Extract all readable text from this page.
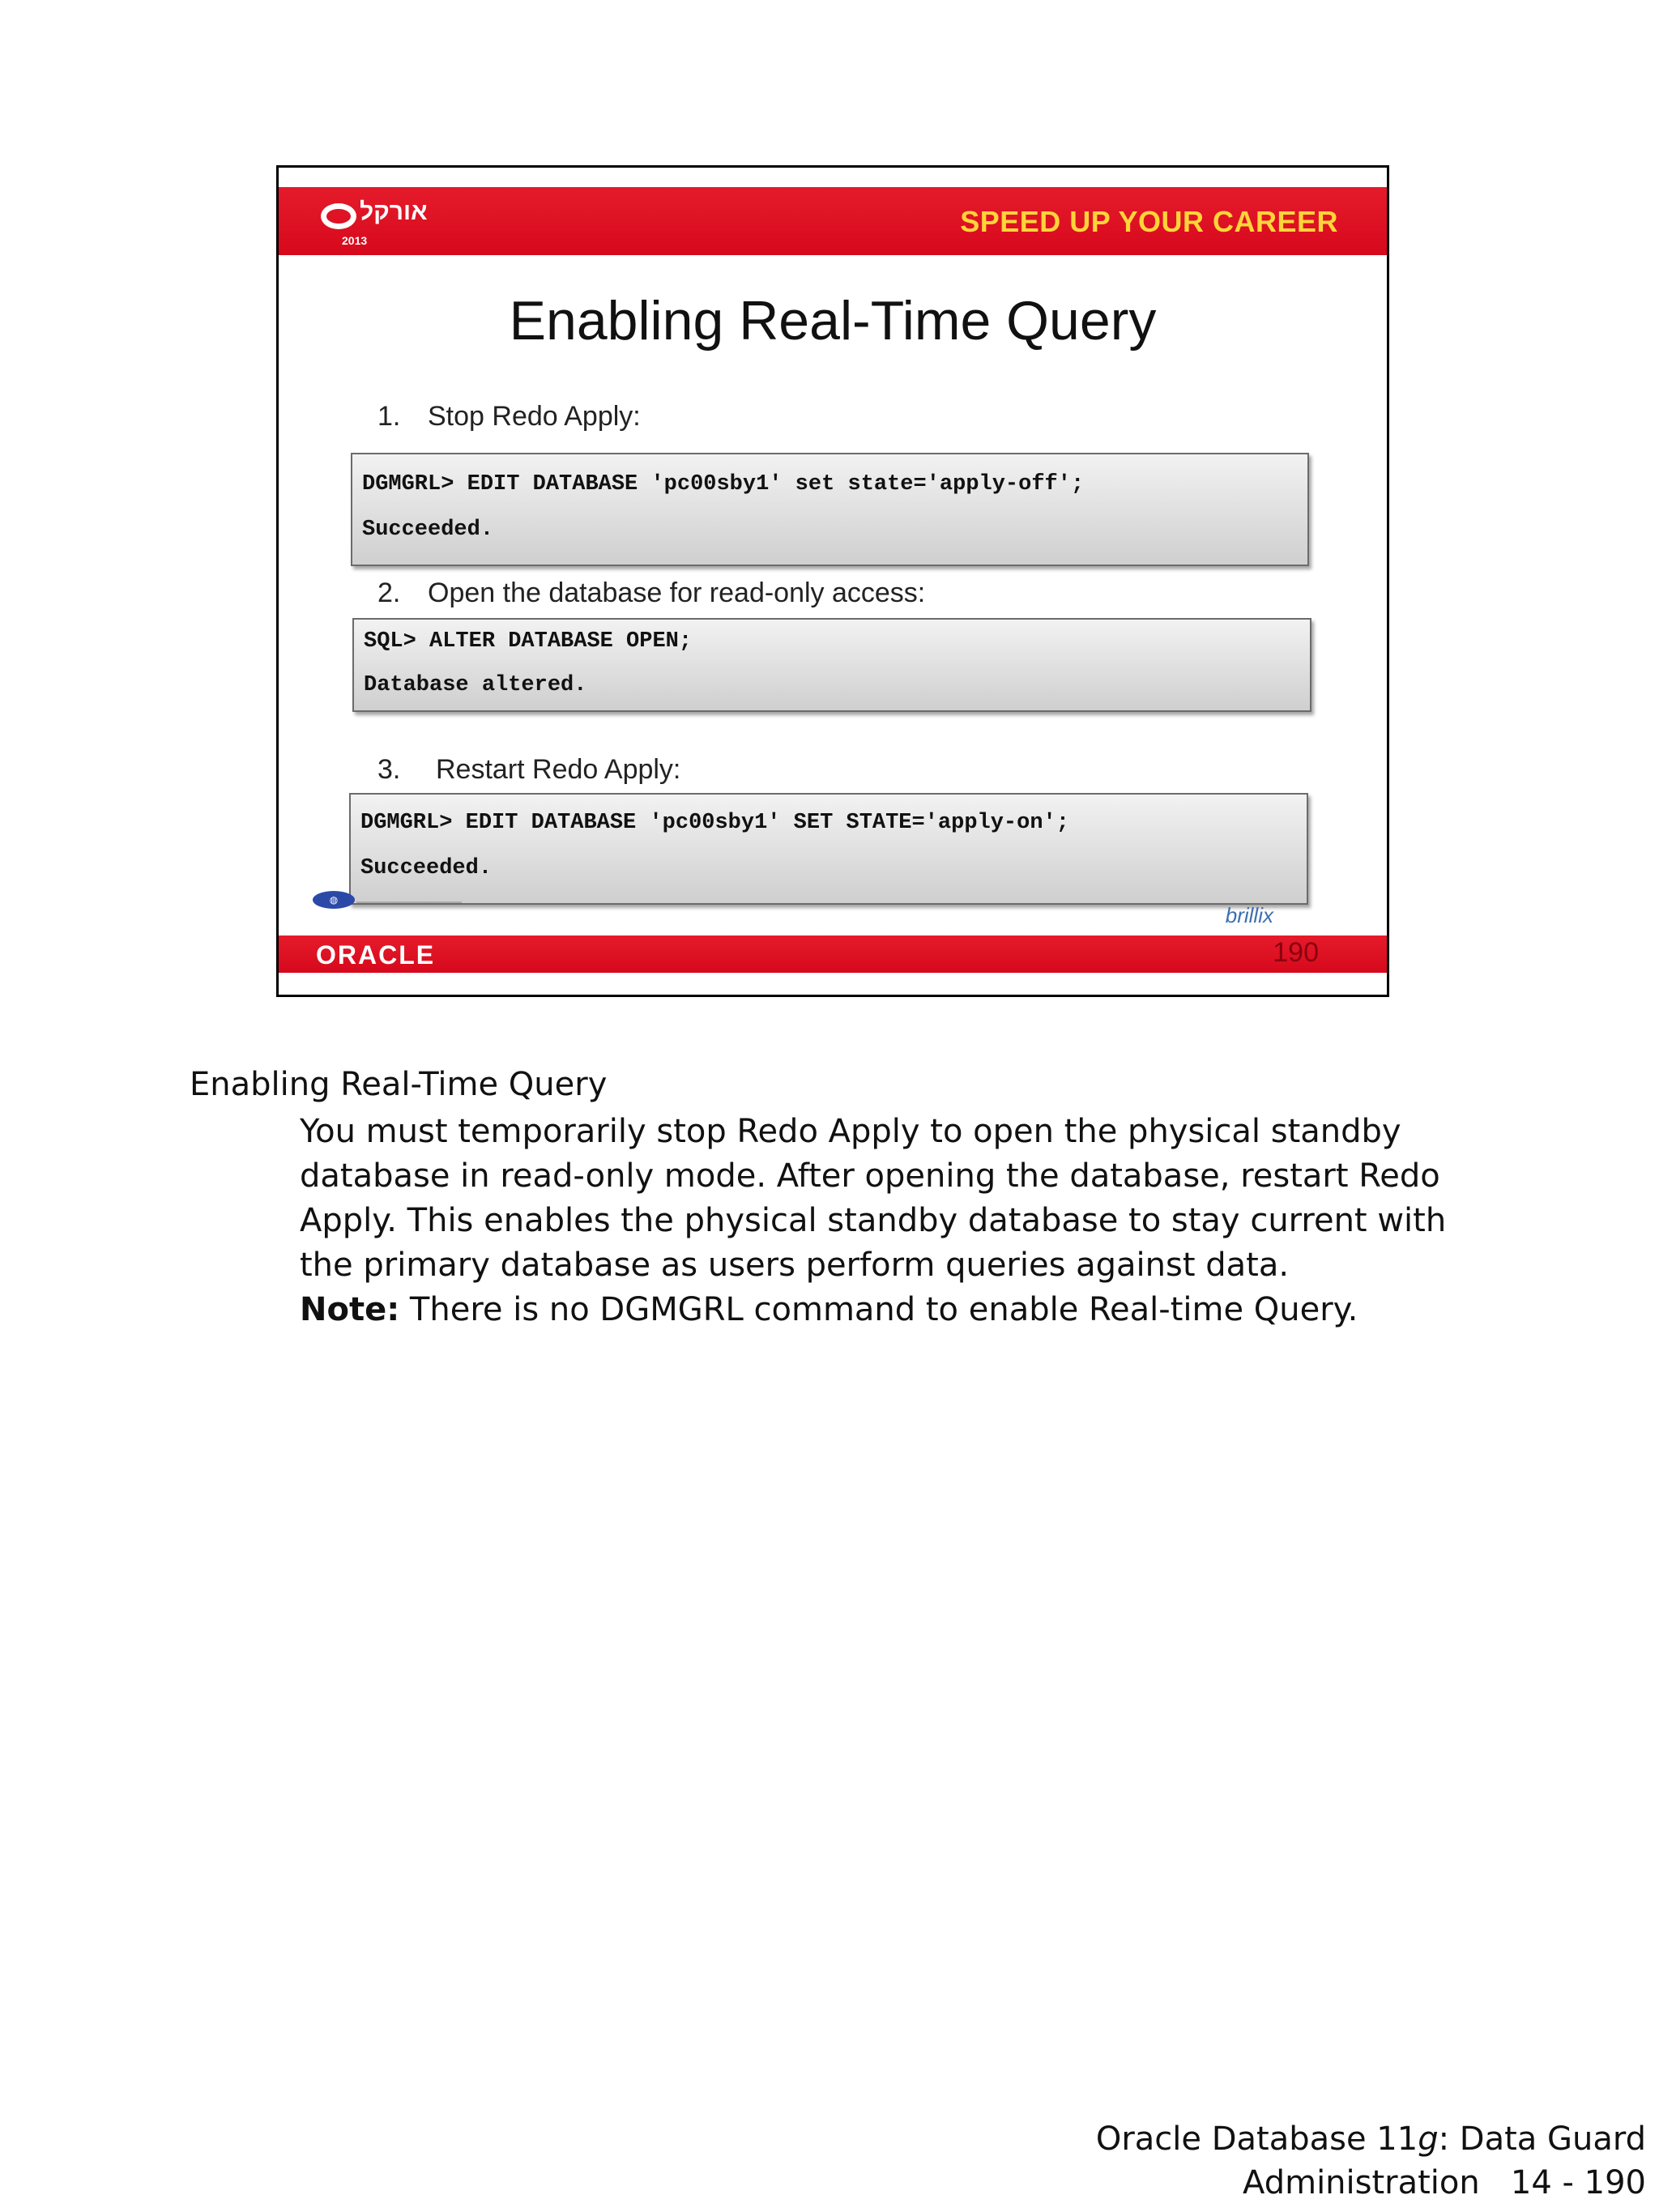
אורקל
2013
SPEED UP YOUR CAREER
Enabling Real-Time Query
1. Stop Redo Apply:
DGMGRL> EDIT DATABASE 'pc00sby1' set state='apply-off';
Succeeded.
2. Open the database for read-only access:
SQL> ALTER DATABASE OPEN;
Database altered.
3. Restart Redo Apply:
DGMGRL> EDIT DATABASE 'pc00sby1' SET STATE='apply-on';
Succeeded.
◍
brillix
ORACLE	190
Enabling Real-Time Query

You must temporarily stop Redo Apply to open the physical standby database in read-only mode. After opening the database, restart Redo Apply. This enables the physical standby database to stay current with the primary database as users perform queries against data.

Note: There is no DGMGRL command to enable Real-time Query.

Oracle Database 11g: Data Guard
Administration   14 - 190
